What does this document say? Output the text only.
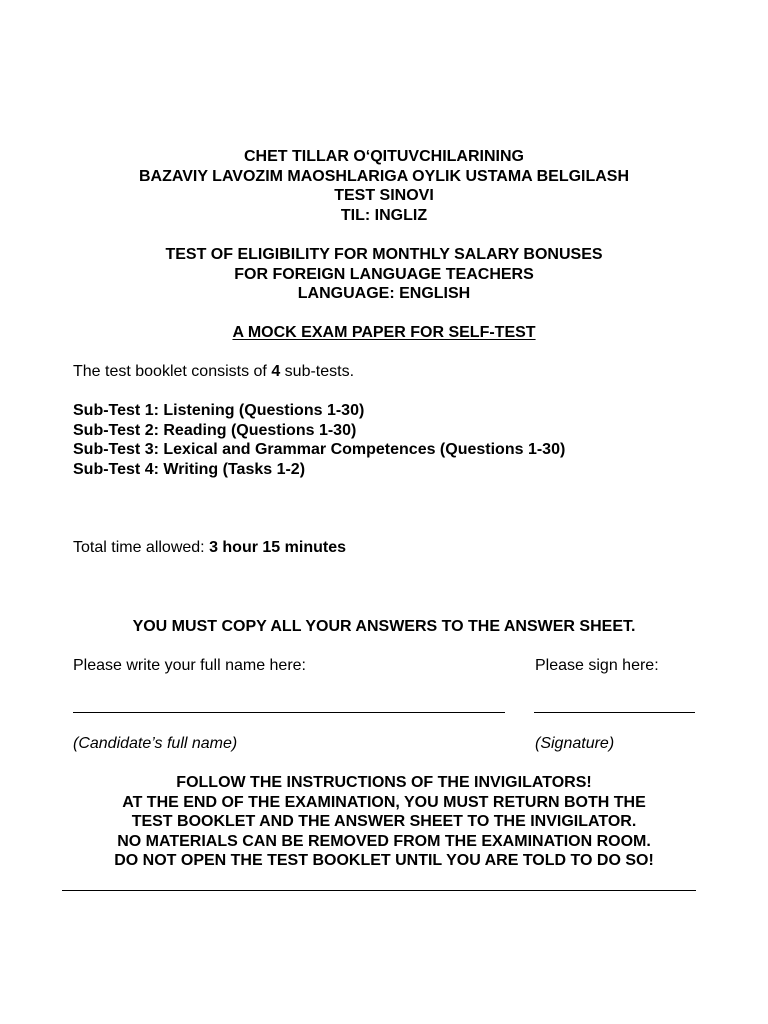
CHET TILLAR O‘QITUVCHILARINING
BAZAVIY LAVOZIM MAOSHLARIGA OYLIK USTAMA BELGILASH
TEST SINOVI
TIL: INGLIZ
TEST OF ELIGIBILITY FOR MONTHLY SALARY BONUSES
FOR FOREIGN LANGUAGE TEACHERS
LANGUAGE: ENGLISH
A MOCK EXAM PAPER FOR SELF-TEST
The test booklet consists of 4 sub-tests.
Sub-Test 1: Listening (Questions 1-30)
Sub-Test 2: Reading (Questions 1-30)
Sub-Test 3: Lexical and Grammar Competences (Questions 1-30)
Sub-Test 4: Writing (Tasks 1-2)
Total time allowed: 3 hour 15 minutes
YOU MUST COPY ALL YOUR ANSWERS TO THE ANSWER SHEET.
Please write your full name here:	Please sign here:
(Candidate’s full name)	(Signature)
FOLLOW THE INSTRUCTIONS OF THE INVIGILATORS!
AT THE END OF THE EXAMINATION, YOU MUST RETURN BOTH THE
TEST BOOKLET AND THE ANSWER SHEET TO THE INVIGILATOR.
NO MATERIALS CAN BE REMOVED FROM THE EXAMINATION ROOM.
DO NOT OPEN THE TEST BOOKLET UNTIL YOU ARE TOLD TO DO SO!
